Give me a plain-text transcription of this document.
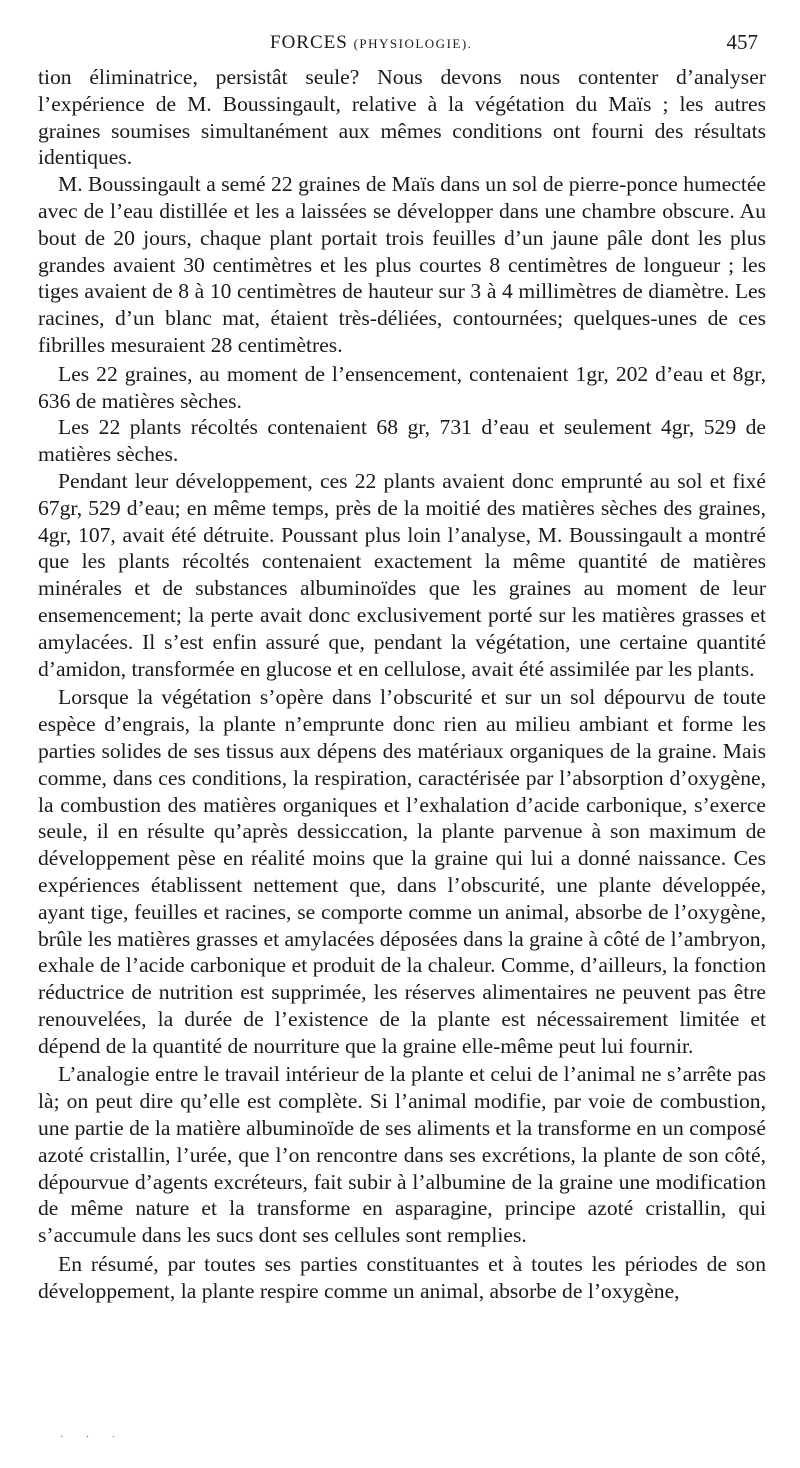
FORCES (PHYSIOLOGIE).	457

tion éliminatrice, persistât seule? Nous devons nous contenter d’analyser l’expérience de M. Boussingault, relative à la végétation du Maïs ; les autres graines soumises simultanément aux mêmes conditions ont fourni des résultats identiques.

M. Boussingault a semé 22 graines de Maïs dans un sol de pierre-ponce humectée avec de l’eau distillée et les a laissées se développer dans une chambre obscure. Au bout de 20 jours, chaque plant portait trois feuilles d’un jaune pâle dont les plus grandes avaient 30 centimètres et les plus courtes 8 centimètres de longueur ; les tiges avaient de 8 à 10 centimètres de hauteur sur 3 à 4 millimètres de diamètre. Les racines, d’un blanc mat, étaient très-déliées, contournées; quelques-unes de ces fibrilles mesuraient 28 centimètres.

Les 22 graines, au moment de l’ensencement, contenaient 1gr, 202 d’eau et 8gr, 636 de matières sèches.

Les 22 plants récoltés contenaient 68 gr, 731 d’eau et seulement 4gr, 529 de matières sèches.

Pendant leur développement, ces 22 plants avaient donc emprunté au sol et fixé 67gr, 529 d’eau; en même temps, près de la moitié des matières sèches des graines, 4gr, 107, avait été détruite. Poussant plus loin l’analyse, M. Boussingault a montré que les plants récoltés contenaient exactement la même quantité de matières minérales et de substances albuminoïdes que les graines au moment de leur ensemencement; la perte avait donc exclusivement porté sur les matières grasses et amylacées. Il s’est enfin assuré que, pendant la végétation, une certaine quantité d’amidon, transformée en glucose et en cellulose, avait été assimilée par les plants.

Lorsque la végétation s’opère dans l’obscurité et sur un sol dépourvu de toute espèce d’engrais, la plante n’emprunte donc rien au milieu ambiant et forme les parties solides de ses tissus aux dépens des matériaux organiques de la graine. Mais comme, dans ces conditions, la respiration, caractérisée par l’absorption d’oxygène, la combustion des matières organiques et l’exhalation d’acide carbonique, s’exerce seule, il en résulte qu’après dessiccation, la plante parvenue à son maximum de développement pèse en réalité moins que la graine qui lui a donné naissance. Ces expériences établissent nettement que, dans l’obscurité, une plante développée, ayant tige, feuilles et racines, se comporte comme un animal, absorbe de l’oxygène, brûle les matières grasses et amylacées déposées dans la graine à côté de l’ambryon, exhale de l’acide carbonique et produit de la chaleur. Comme, d’ailleurs, la fonction réductrice de nutrition est supprimée, les réserves alimentaires ne peuvent pas être renouvelées, la durée de l’existence de la plante est nécessairement limitée et dépend de la quantité de nourriture que la graine elle-même peut lui fournir.

L’analogie entre le travail intérieur de la plante et celui de l’animal ne s’arrête pas là; on peut dire qu’elle est complète. Si l’animal modifie, par voie de combustion, une partie de la matière albuminoïde de ses aliments et la transforme en un composé azoté cristallin, l’urée, que l’on rencontre dans ses excrétions, la plante de son côté, dépourvue d’agents excréteurs, fait subir à l’albumine de la graine une modification de même nature et la transforme en asparagine, principe azoté cristallin, qui s’accumule dans les sucs dont ses cellules sont remplies.

En résumé, par toutes ses parties constituantes et à toutes les périodes de son développement, la plante respire comme un animal, absorbe de l’oxygène,

· · ·
